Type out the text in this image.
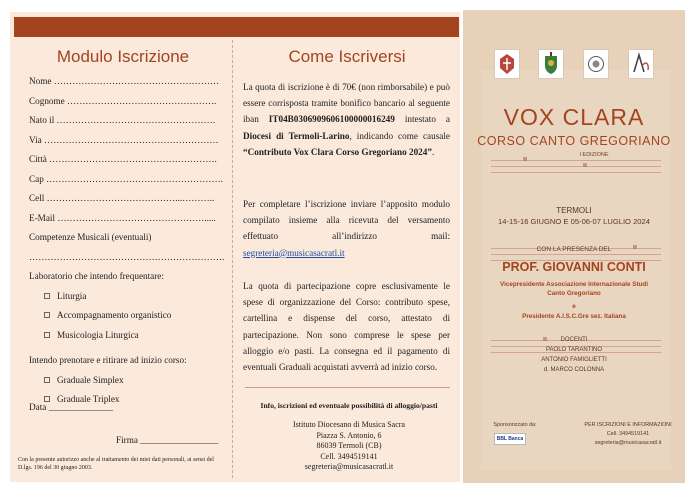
Modulo Iscrizione
Nome ………………………………………………
Cognome ………………………………………….
Nato il …………………………………………….
Via …………………………………………………
Città ……………………………………………….
Cap ………………………………………………….
Cell ……………………………………...………..
E-Mail ………………………………………….....
Competenze Musicali (eventuali)
……………………………………………………….
Laboratorio che intendo frequentare:
Liturgia
Accompagnamento organistico
Musicologia Liturgica
Intendo prenotare e ritirare ad inizio corso:
Graduale Simplex
Graduale Triplex
Data ______________
Firma _________________
Con la presente autorizzo anche al trattamento dei miei dati personali, ai sensi del D.lgs. 196 del 30 giugno 2003.
Come Iscriversi
La quota di iscrizione è di 70€ (non rimborsabile) e può essere corrisposta tramite bonifico bancario al seguente iban IT04B0306909606100000016249 intestato a Diocesi di Termoli-Larino, indicando come causale “Contributo Vox Clara Corso Gregoriano 2024”.
Per completare l’iscrizione inviare l’apposito modulo compilato insieme alla ricevuta del versamento effettuato all’indirizzo mail: segreteria@musicasacratl.it
La quota di partecipazione copre esclusivamente le spese di organizzazione del Corso: contributo spese, cartellina e dispense del corso, attestato di partecipazione. Non sono comprese le spese per alloggio e/o pasti. La consegna ed il pagamento di eventuali Graduali acquistati avverrà ad inizio corso.
Info, iscrizioni ed eventuale possibilità di alloggio/pasti
Istituto Diocesano di Musica Sacra
Piazza S. Antonio, 6
86039 Termoli (CB)
Cell. 3494519141
segreteria@musicasacratl.it
VOX CLARA
CORSO CANTO GREGORIANO
I EDIZIONE
TERMOLI
14-15-16 GIUGNO E 05-06-07 LUGLIO 2024
CON LA PRESENZA DEL
PROF. GIOVANNI CONTI
Vicepresidente Associazione Internazionale Studi
Canto Gregoriano
e
Presidente A.I.S.C.Gre sez. Italiana
DOCENTI
PAOLO TARANTINO
ANTONIO FAMIGLIETTI
d. MARCO COLONNA
Sponsorizzato da:
BBL Banca
PER ISCRIZIONI E INFORMAZIONI
Cell. 3494519141
segreteria@musicasacratl.it
